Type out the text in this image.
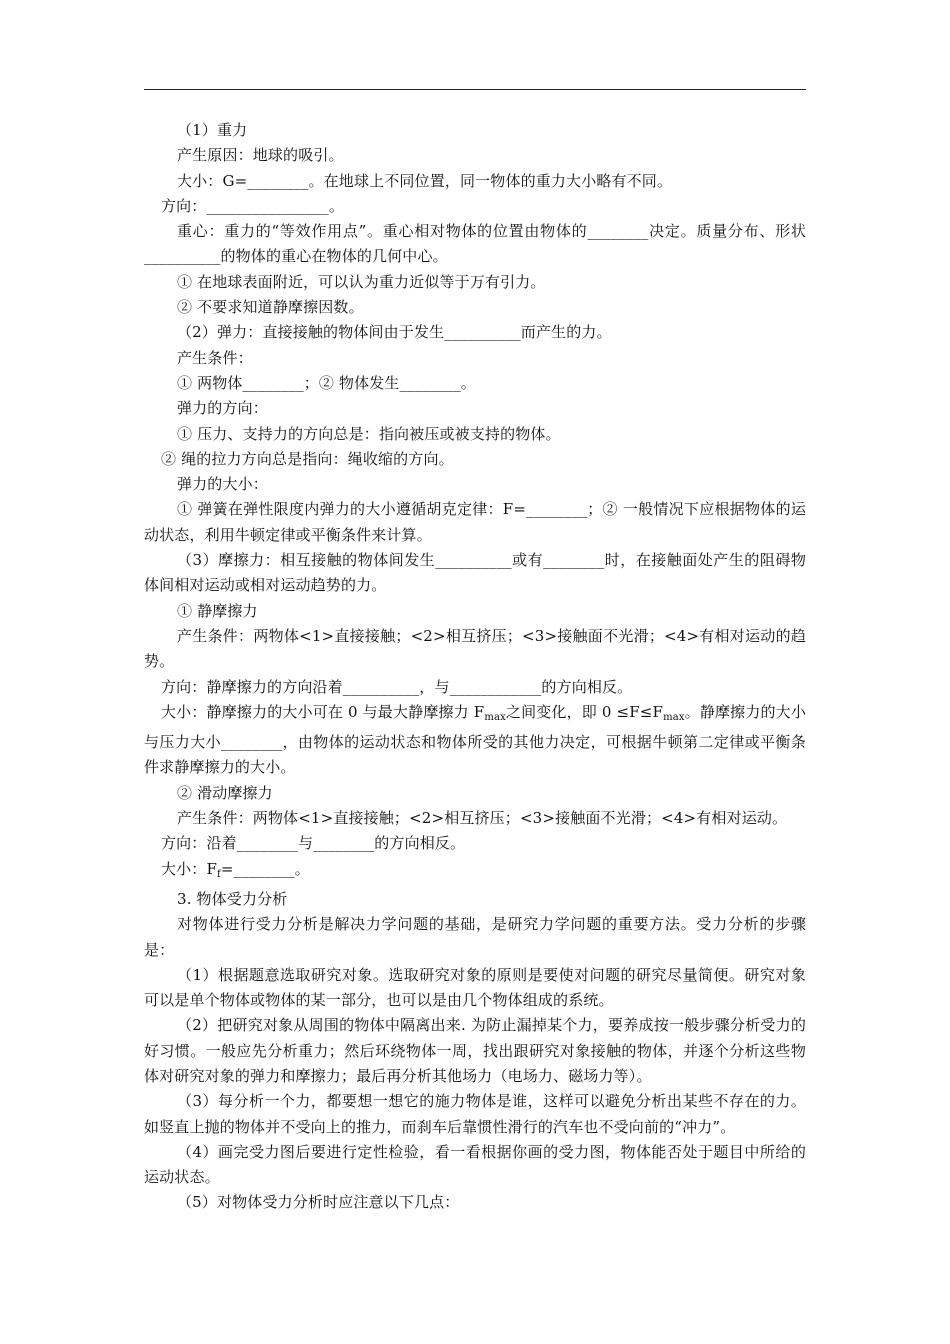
（1）重力

产生原因：地球的吸引。

大小：G=________。在地球上不同位置，同一物体的重力大小略有不同。

方向：________________。

重心：重力的“等效作用点”。重心相对物体的位置由物体的________决定。质量分布、形状__________的物体的重心在物体的几何中心。

① 在地球表面附近，可以认为重力近似等于万有引力。

② 不要求知道静摩擦因数。

（2）弹力：直接接触的物体间由于发生__________而产生的力。

产生条件：

① 两物体________；② 物体发生________。

弹力的方向：

① 压力、支持力的方向总是：指向被压或被支持的物体。

② 绳的拉力方向总是指向：绳收缩的方向。

弹力的大小：

① 弹簧在弹性限度内弹力的大小遵循胡克定律：F=________；② 一般情况下应根据物体的运动状态，利用牛顿定律或平衡条件来计算。

（3）摩擦力：相互接触的物体间发生__________或有________时，在接触面处产生的阻碍物体间相对运动或相对运动趋势的力。

① 静摩擦力

产生条件：两物体<1>直接接触；<2>相互挤压；<3>接触面不光滑；<4>有相对运动的趋势。

方向：静摩擦力的方向沿着__________，与____________的方向相反。

大小：静摩擦力的大小可在 0 与最大静摩擦力 $F_{max}$之间变化，即 $0 \le F\le F_{max}$。静摩擦力的大小与压力大小________，由物体的运动状态和物体所受的其他力决定，可根据牛顿第二定律或平衡条件求静摩擦力的大小。

② 滑动摩擦力

产生条件：两物体<1>直接接触；<2>相互挤压；<3>接触面不光滑；<4>有相对运动。

方向：沿着________与________的方向相反。

大小：$F_f=\_\_\_\_\_\_\_\_$。

3. 物体受力分析

对物体进行受力分析是解决力学问题的基础，是研究力学问题的重要方法。受力分析的步骤是：

（1）根据题意选取研究对象。选取研究对象的原则是要使对问题的研究尽量简便。研究对象可以是单个物体或物体的某一部分，也可以是由几个物体组成的系统。

（2）把研究对象从周围的物体中隔离出来. 为防止漏掉某个力，要养成按一般步骤分析受力的好习惯。一般应先分析重力；然后环绕物体一周，找出跟研究对象接触的物体，并逐个分析这些物体对研究对象的弹力和摩擦力；最后再分析其他场力（电场力、磁场力等）。

（3）每分析一个力，都要想一想它的施力物体是谁，这样可以避免分析出某些不存在的力。如竖直上抛的物体并不受向上的推力，而刹车后靠惯性滑行的汽车也不受向前的“冲力”。

（4）画完受力图后要进行定性检验，看一看根据你画的受力图，物体能否处于题目中所给的运动状态。

（5）对物体受力分析时应注意以下几点：
